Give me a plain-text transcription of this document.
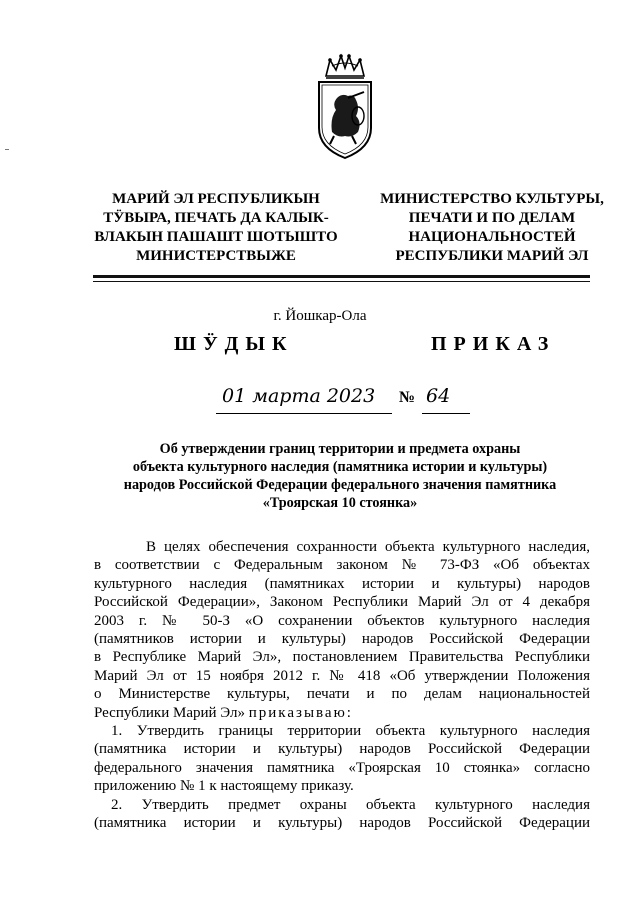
МАРИЙ ЭЛ РЕСПУБЛИКЫН
ТӰВЫРА, ПЕЧАТЬ ДА КАЛЫК-
ВЛАКЫН ПАШАШТ ШОТЫШТО
МИНИСТЕРСТВЫЖЕ
МИНИСТЕРСТВО КУЛЬТУРЫ,
ПЕЧАТИ И ПО ДЕЛАМ
НАЦИОНАЛЬНОСТЕЙ
РЕСПУБЛИКИ МАРИЙ ЭЛ
г. Йошкар-Ола
ШӰДЫК	ПРИКАЗ
01 марта 2023 № 64
Об утверждении границ территории и предмета охраны
объекта культурного наследия (памятника истории и культуры)
народов Российской Федерации федерального значения памятника
«Троярская 10 стоянка»
В целях обеспечения сохранности объекта культурного наследия,
в соответствии с Федеральным законом № 73-ФЗ «Об объектах
культурного наследия (памятниках истории и культуры) народов
Российской Федерации», Законом Республики Марий Эл от 4 декабря
2003 г. № 50-З «О сохранении объектов культурного наследия
(памятников истории и культуры) народов Российской Федерации
в Республике Марий Эл», постановлением Правительства Республики
Марий Эл от 15 ноября 2012 г. № 418 «Об утверждении Положения
о Министерстве культуры, печати и по делам национальностей
Республики Марий Эл» приказываю:
1. Утвердить границы территории объекта культурного наследия
(памятника истории и культуры) народов Российской Федерации
федерального значения памятника «Троярская 10 стоянка» согласно
приложению № 1 к настоящему приказу.
2. Утвердить предмет охраны объекта культурного наследия
(памятника истории и культуры) народов Российской Федерации
